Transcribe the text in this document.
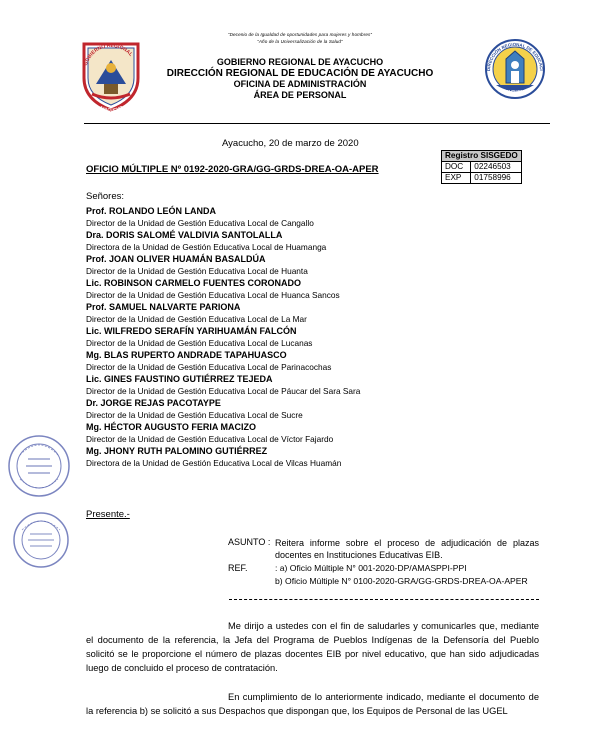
“Decenio de la Igualdad de oportunidades para mujeres y hombres”
“Año de la Universalización de la Salud”
GOBIERNO REGIONAL
AYACUCHO
DIRECCIÓN REGIONAL DE EDUCACI
AYACUCHO
GOBIERNO REGIONAL DE AYACUCHO
DIRECCIÓN REGIONAL DE EDUCACIÓN DE AYACUCHO
OFICINA DE ADMINISTRACIÓN
ÁREA DE PERSONAL
Ayacucho, 20 de marzo de 2020
Registro SISGEDO	
DOC	02246503
EXP	01758996
OFICIO MÚLTIPLE Nº 0192-2020-GRA/GG-GRDS-DREA-OA-APER
Señores:
Prof. ROLANDO LEÓN LANDA
Director de la Unidad de Gestión Educativa Local de Cangallo
Dra. DORIS SALOMÉ VALDIVIA SANTOLALLA
Directora de la Unidad de Gestión Educativa Local de Huamanga
Prof. JOAN OLIVER HUAMÁN BASALDÚA
Director de la Unidad de Gestión Educativa Local de Huanta
Lic. ROBINSON CARMELO FUENTES CORONADO
Director de la Unidad de Gestión Educativa Local de Huanca Sancos
Prof. SAMUEL NALVARTE PARIONA
Director de la Unidad de Gestión Educativa Local de La Mar
Lic. WILFREDO SERAFÍN YARIHUAMÁN FALCÓN
Director de la Unidad de Gestión Educativa Local de Lucanas
Mg. BLAS RUPERTO ANDRADE TAPAHUASCO
Director de la Unidad de Gestión Educativa Local de Parinacochas
Lic. GINES FAUSTINO GUTIÉRREZ TEJEDA
Director de la Unidad de Gestión Educativa Local de Páucar del Sara Sara
Dr. JORGE REJAS PACOTAYPE
Director de la Unidad de Gestión Educativa Local de Sucre
Mg. HÉCTOR AUGUSTO FERIA MACIZO
Director de la Unidad de Gestión Educativa Local de Víctor Fajardo
Mg. JHONY RUTH PALOMINO GUTIÉRREZ
Directora de la Unidad de Gestión Educativa Local de Vilcas Huamán
Presente.-
ASUNTO : Reitera informe sobre el proceso de adjudicación de plazas docentes en Instituciones Educativas EIB.
REF.	: a) Oficio Múltiple N° 001-2020-DP/AMASPPI-PPI
b) Oficio Múltiple N° 0100-2020-GRA/GG-GRDS-DREA-OA-APER
Me dirijo a ustedes con el fin de saludarles y comunicarles que, mediante el documento de la referencia, la Jefa del Programa de Pueblos Indígenas de la Defensoría del Pueblo solicitó se le proporcione el número de plazas docentes EIB por nivel educativo, que han sido adjudicadas luego de concluido el proceso de contratación.
En cumplimiento de lo anteriormente indicado, mediante el documento de la referencia b) se solicitó a sus Despachos que dispongan que, los Equipos de Personal de las UGEL
